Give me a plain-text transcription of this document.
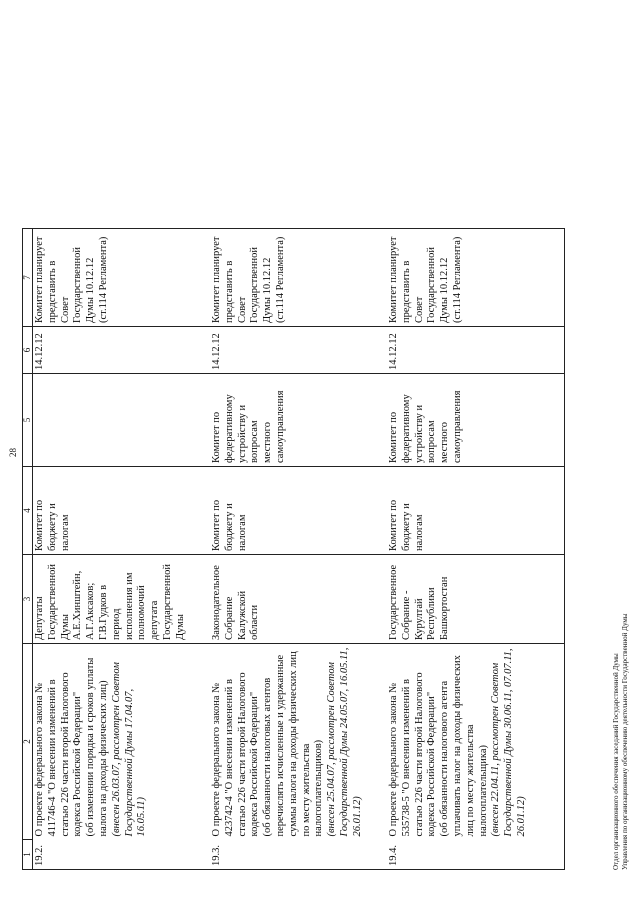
28
1	2	3	4	5	6	7
19.2.	О проекте федерального закона № 411746-4 "О внесении изменений в статью 226 части второй Налогового кодекса Российской Федерации" (об изменении порядка и сроков уплаты налога на доходы физических лиц) (внесен 26.03.07, рассмотрен Советом Государственной Думы 17.04.07, 16.05.11)	Депутаты Государственной Думы А.Е.Хинштейн, А.Г.Аксаков; Г.В.Гудков в период исполнения им полномочий депутата Государственной Думы	Комитет по бюджету и налогам		14.12.12	Комитет планирует представить в Совет Государственной Думы 10.12.12 (ст.114 Регламента)
19.3.	О проекте федерального закона № 423742-4 "О внесении изменений в статью 226 части второй Налогового кодекса Российской Федерации" (об обязанности налоговых агентов перечислять исчисленные и удержанные суммы налога на доходы физических лиц по месту жительства налогоплательщиков) (внесен 25.04.07, рассмотрен Советом Государственной Думы 24.05.07, 16.05.11, 26.01.12)	Законодательное Собрание Калужской области	Комитет по бюджету и налогам	Комитет по федеративному устройству и вопросам местного самоуправления	14.12.12	Комитет планирует представить в Совет Государственной Думы 10.12.12 (ст.114 Регламента)
19.4.	О проекте федерального закона № 535738-5 "О внесении изменений в статью 226 части второй Налогового кодекса Российской Федерации" (об обязанности налогового агента уплачивать налог на доходы физических лиц по месту жительства налогоплательщика) (внесен 22.04.11, рассмотрен Советом Государственной Думы 30.06.11, 07.07.11, 26.01.12)	Государственное Собрание - Курултай Республики Башкортостан	Комитет по бюджету и налогам	Комитет по федеративному устройству и вопросам местного самоуправления	14.12.12	Комитет планирует представить в Совет Государственной Думы 10.12.12 (ст.114 Регламента)
Отдел организационного обеспечения заседаний Государственной Думы Управления по организационному обеспечению деятельности Государственной Думы
